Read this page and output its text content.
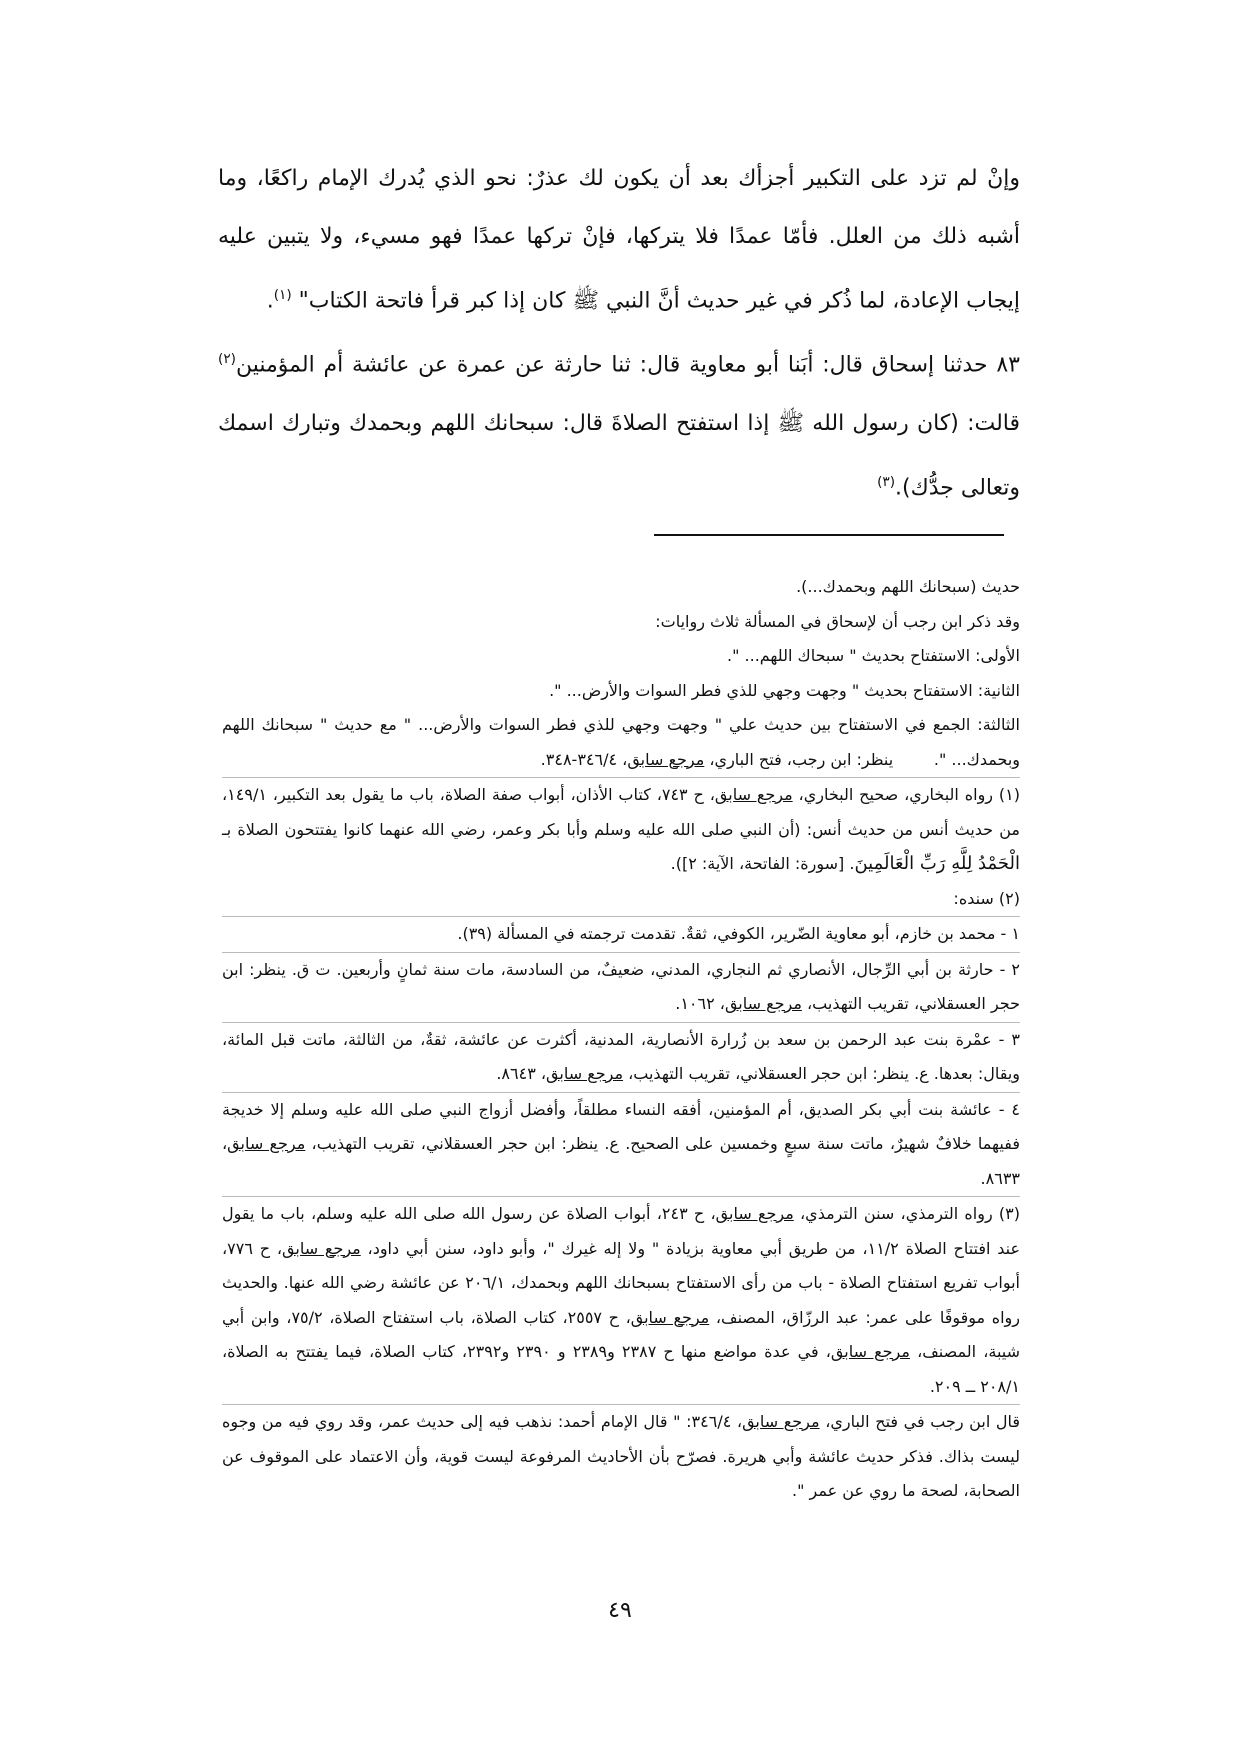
وإنْ لم تزد على التكبير أجزأك بعد أن يكون لك عذرٌ: نحو الذي يُدرك الإمام راكعًا، وما أشبه ذلك من العلل. فأمّا عمدًا فلا يتركها، فإنْ تركها عمدًا فهو مسيء، ولا يتبين عليه إيجاب الإعادة، لما ذُكر في غير حديث أنَّ النبي ﷺ كان إذا كبر قرأ فاتحة الكتاب" $^{(١)}$.

٨٣ حدثنا إسحاق قال: أبَنا أبو معاوية قال: ثنا حارثة عن عمرة عن عائشة أم المؤمنين$^{(٢)}$ قالت: (كان رسول الله ﷺ إذا استفتح الصلاةَ قال: سبحانك اللهم وبحمدك وتبارك اسمك وتعالى جدُّك).$^{(٣)}$

حديث (سبحانك اللهم وبحمدك...).

وقد ذكر ابن رجب أن لإسحاق في المسألة ثلاث روايات:

الأولى: الاستفتاح بحديث " سبحاك اللهم... ".

الثانية: الاستفتاح بحديث " وجهت وجهي للذي فطر السوات والأرض... ".

الثالثة: الجمع في الاستفتاح بين حديث علي " وجهت وجهي للذي فطر السوات والأرض... " مع حديث " سبحانك اللهم وبحمدك... ".        ينظر: ابن رجب، فتح الباري، مرجع سابق، ٣٤٦/٤-٣٤٨.

(١) رواه البخاري، صحيح البخاري، مرجع سابق، ح ٧٤٣، كتاب الأذان، أبواب صفة الصلاة، باب ما يقول بعد التكبير، ١٤٩/١، من حديث أنس من حديث أنس: (أن النبي صلى الله عليه وسلم وأبا بكر وعمر، رضي الله عنهما كانوا يفتتحون الصلاة بـ الْحَمْدُ لِلَّهِ رَبِّ الْعَالَمِينَ. [سورة: الفاتحة، الآية: ٢]).

(٢) سنده:

١ - محمد بن خازم، أبو معاوية الضّرير، الكوفي، ثقةٌ. تقدمت ترجمته في المسألة (٣٩).

٢ - حارثة بن أبي الرِّجال، الأنصاري ثم النجاري، المدني، ضعيفٌ، من السادسة، مات سنة ثمانٍ وأربعين. ت ق. ينظر: ابن حجر العسقلاني، تقريب التهذيب، مرجع سابق، ١٠٦٢.

٣ - عمْرة بنت عبد الرحمن بن سعد بن زُرارة الأنصارية، المدنية، أكثرت عن عائشة، ثقةٌ، من الثالثة، ماتت قبل المائة، ويقال: بعدها. ع. ينظر: ابن حجر العسقلاني، تقريب التهذيب، مرجع سابق، ٨٦٤٣.

٤ - عائشة بنت أبي بكر الصديق، أم المؤمنين، أفقه النساء مطلقاً، وأفضل أزواج النبي صلى الله عليه وسلم إلا خديجة ففيهما خلافٌ شهيرٌ، ماتت سنة سبعٍ وخمسين على الصحيح. ع. ينظر: ابن حجر العسقلاني، تقريب التهذيب، مرجع سابق، ٨٦٣٣.

(٣) رواه الترمذي، سنن الترمذي، مرجع سابق، ح ٢٤٣، أبواب الصلاة عن رسول الله صلى الله عليه وسلم، باب ما يقول عند افتتاح الصلاة ١١/٢، من طريق أبي معاوية بزيادة " ولا إله غيرك "، وأبو داود، سنن أبي داود، مرجع سابق، ح ٧٧٦، أبواب تفريع استفتاح الصلاة - باب من رأى الاستفتاح بسبحانك اللهم وبحمدك، ٢٠٦/١ عن عائشة رضي الله عنها. والحديث رواه موقوفًا على عمر: عبد الرزّاق، المصنف، مرجع سابق، ح ٢٥٥٧، كتاب الصلاة، باب استفتاح الصلاة، ٧٥/٢، وابن أبي شيبة، المصنف، مرجع سابق، في عدة مواضع منها ح ٢٣٨٧ و٢٣٨٩ و ٢٣٩٠ و٢٣٩٢، كتاب الصلاة، فيما يفتتح به الصلاة، ٢٠٨/١ ــ ٢٠٩.

قال ابن رجب في فتح الباري، مرجع سابق، ٣٤٦/٤: " قال الإمام أحمد: نذهب فيه إلى حديث عمر، وقد روي فيه من وجوه ليست بذاك. فذكر حديث عائشة وأبي هريرة. فصرّح بأن الأحاديث المرفوعة ليست قوية، وأن الاعتماد على الموقوف عن الصحابة، لصحة ما روي عن عمر ".

٤٩
